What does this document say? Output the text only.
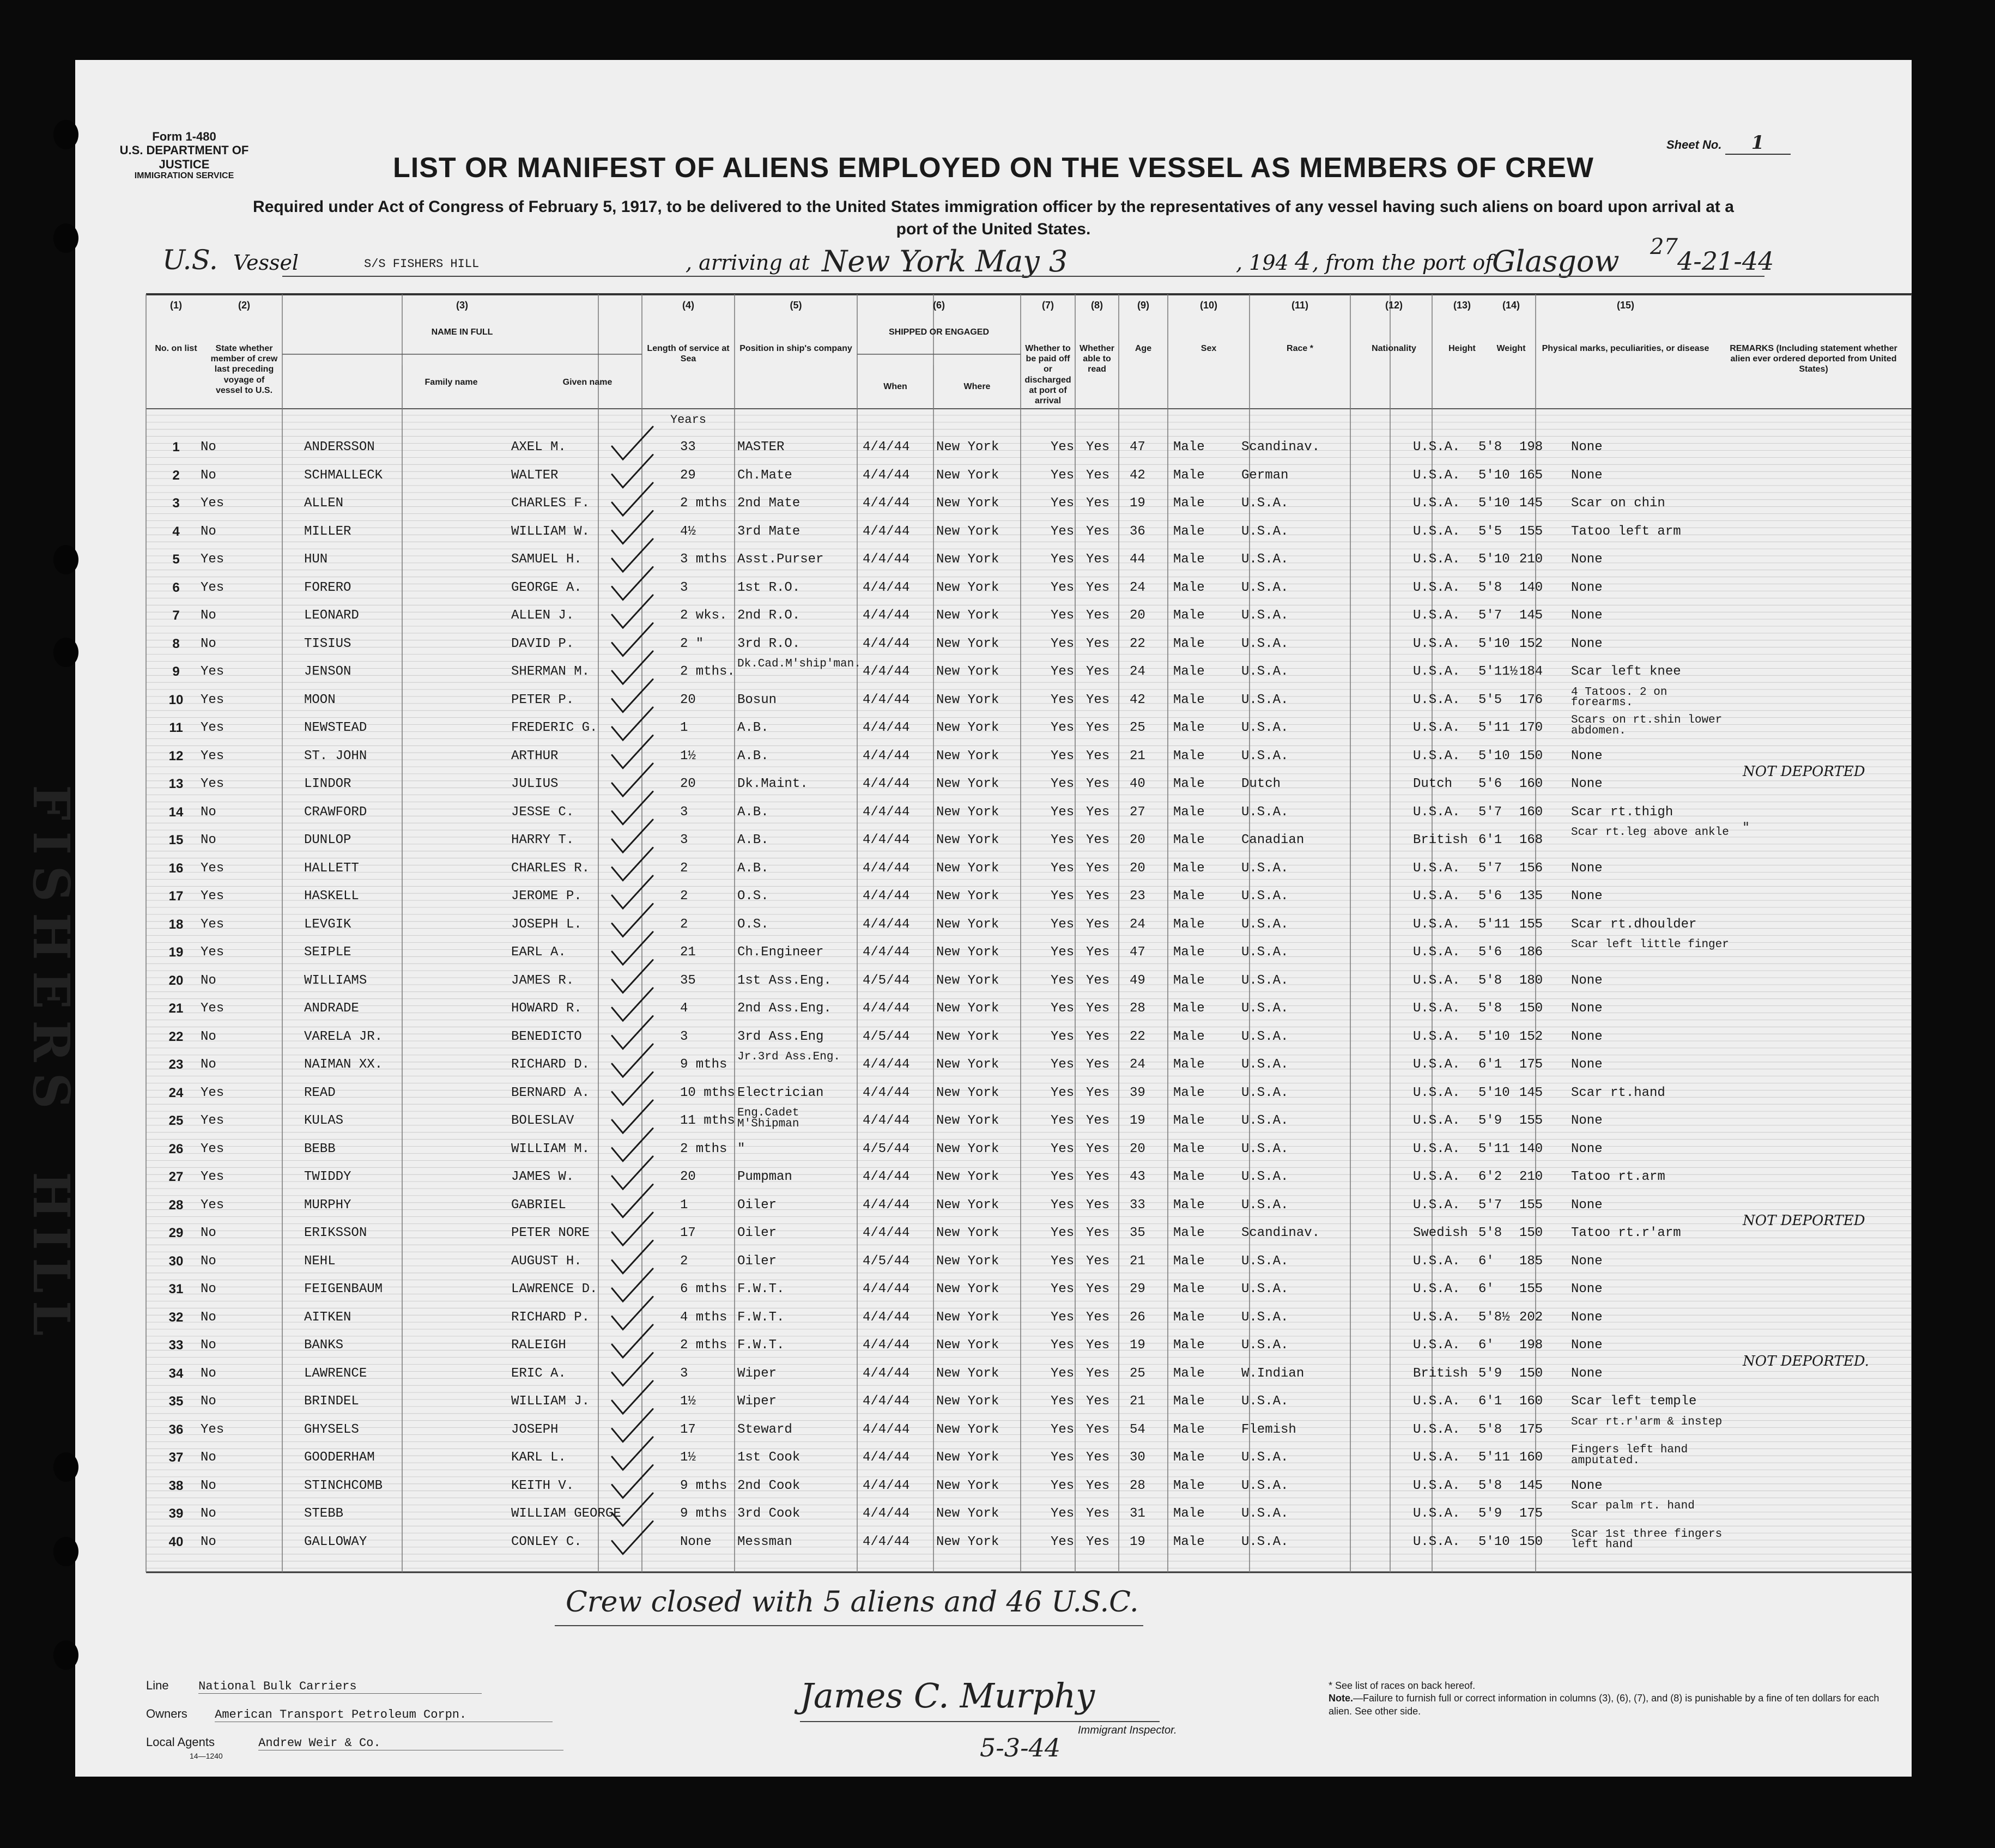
Form 1-480
U.S. DEPARTMENT OF JUSTICE
IMMIGRATION SERVICE
Sheet No. 1
LIST OR MANIFEST OF ALIENS EMPLOYED ON THE VESSEL AS MEMBERS OF CREW
Required under Act of Congress of February 5, 1917, to be delivered to the United States immigration officer by the representatives of any vessel having such aliens on board upon arrival at a
port of the United States.
27
U.S. Vessel	S/S FISHERS HILL	, arriving at New York May 3	, 194 4 , from the port of
Glasgow 4-21-44
(1)
No. on list
(2)
State whether member of crew last preceding voyage of vessel to U.S.
(3)
NAME IN FULL
(4)
Length of service at Sea
(5)
Position in ship's company
(6)
SHIPPED OR ENGAGED
(7)
Whether to be paid off or discharged at port of arrival
(8)
Whether able to read
(9)
Age
(10)
Sex
(11)
Race *
(12)
Nationality
(13)
Height
(14)
Weight
(15)
Physical marks, peculiarities, or disease	REMARKS (Including statement whether alien ever ordered deported from United States)
Family name	Given name	When	Where
Years
1	No	ANDERSSON	AXEL M.	33	MASTER	4/4/44 New York	Yes Yes 47 Male	Scandinav.	U.S.A. 5'8 198 None
2	No	SCHMALLECK	WALTER	29	Ch.Mate	4/4/44 New York	Yes Yes 42 Male	German	U.S.A. 5'10 165 None
3	Yes	ALLEN	CHARLES F.	2 mths 2nd Mate	4/4/44 New York	Yes Yes 19 Male	U.S.A.	U.S.A. 5'10 145 Scar on chin
4	No	MILLER	WILLIAM W.	4½	3rd Mate	4/4/44 New York	Yes Yes 36 Male	U.S.A.	U.S.A. 5'5 155 Tatoo left arm
5	Yes	HUN	SAMUEL H.	3 mths Asst.Purser	4/4/44 New York	Yes Yes 44 Male	U.S.A.	U.S.A. 5'10 210 None
6	Yes	FORERO	GEORGE A.	3	1st R.O.	4/4/44 New York	Yes Yes 24 Male	U.S.A.	U.S.A. 5'8 140 None
7	No	LEONARD	ALLEN J.	2 wks. 2nd R.O.	4/4/44 New York	Yes Yes 20 Male	U.S.A.	U.S.A. 5'7 145 None
8	No	TISIUS	DAVID P.	2 "	3rd R.O.	4/4/44 New York	Yes Yes 22 Male	U.S.A.	U.S.A. 5'10 152 None
9	Yes	JENSON	SHERMAN M.	2 mths.
Dk.Cad.M'ship'man.
4/4/44 New York	Yes Yes 24 Male	U.S.A.	U.S.A. 5'11½ 184 Scar left knee
10	Yes	MOON	PETER P.	20	Bosun	4/4/44 New York	Yes Yes 42 Male	U.S.A.	U.S.A. 5'5 176
4 Tatoos. 2 on forearms.
11	Yes	NEWSTEAD	FREDERIC G.	1	A.B.	4/4/44 New York	Yes Yes 25 Male	U.S.A.	U.S.A. 5'11 170
Scars on rt.shin lower abdomen.
12	Yes	ST. JOHN	ARTHUR	1½	A.B.	4/4/44 New York	Yes Yes 21 Male	U.S.A.	U.S.A. 5'10 150 None
13	Yes	LINDOR	JULIUS	20	Dk.Maint.	4/4/44 New York	Yes Yes 40 Male	Dutch	Dutch 5'6 160 None
NOT DEPORTED
14	No	CRAWFORD	JESSE C.	3	A.B.	4/4/44 New York	Yes Yes 27 Male	U.S.A.	U.S.A. 5'7 160 Scar rt.thigh
15	No	DUNLOP	HARRY T.	3	A.B.	4/4/44 New York	Yes Yes 20 Male	Canadian	British 6'1 168
Scar rt.leg above ankle "
16	Yes	HALLETT	CHARLES R.	2	A.B.	4/4/44 New York	Yes Yes 20 Male	U.S.A.	U.S.A. 5'7 156 None
17	Yes	HASKELL	JEROME P.	2	O.S.	4/4/44 New York	Yes Yes 23 Male	U.S.A.	U.S.A. 5'6 135 None
18	Yes	LEVGIK	JOSEPH L.	2	O.S.	4/4/44 New York	Yes Yes 24 Male	U.S.A.	U.S.A. 5'11 155 Scar rt.dhoulder
19	Yes	SEIPLE	EARL A.	21	Ch.Engineer	4/4/44 New York	Yes Yes 47 Male	U.S.A.	U.S.A. 5'6 186
Scar left little finger
20	No	WILLIAMS	JAMES R.	35	1st Ass.Eng. 4/5/44 New York	Yes Yes 49 Male	U.S.A.	U.S.A. 5'8 180 None
21	Yes	ANDRADE	HOWARD R.	4	2nd Ass.Eng. 4/4/44 New York	Yes Yes 28 Male	U.S.A.	U.S.A. 5'8 150 None
22	No	VARELA JR.	BENEDICTO	3	3rd Ass.Eng	4/5/44 New York	Yes Yes 22 Male	U.S.A.	U.S.A. 5'10 152 None
23	No	NAIMAN XX.	RICHARD D.	9 mths
Jr.3rd Ass.Eng.
4/4/44 New York	Yes Yes 24 Male	U.S.A.	U.S.A. 6'1 175 None
24	Yes	READ	BERNARD A.	10 mths Electrician	4/4/44 New York	Yes Yes 39 Male	U.S.A.	U.S.A. 5'10 145 Scar rt.hand
25	Yes	KULAS	BOLESLAV	11 mths
Eng.Cadet M'Shipman	4/4/44 New York	Yes Yes 19 Male	U.S.A.	U.S.A. 5'9 155 None
26	Yes	BEBB	WILLIAM M.	2 mths "	4/5/44 New York	Yes Yes 20 Male	U.S.A.	U.S.A. 5'11 140 None
27	Yes	TWIDDY	JAMES W.	20	Pumpman	4/4/44 New York	Yes Yes 43 Male	U.S.A.	U.S.A. 6'2 210 Tatoo rt.arm
28	Yes	MURPHY	GABRIEL	1	Oiler	4/4/44 New York	Yes Yes 33 Male	U.S.A.	U.S.A. 5'7 155 None
29	No	ERIKSSON	PETER NORE	17	Oiler	4/4/44 New York	Yes Yes 35 Male	Scandinav.	Swedish 5'8 150 Tatoo rt.r'arm
NOT DEPORTED
30	No	NEHL	AUGUST H.	2	Oiler	4/5/44 New York	Yes Yes 21 Male	U.S.A.	U.S.A. 6' 185 None
31	No	FEIGENBAUM	LAWRENCE D.	6 mths F.W.T.	4/4/44 New York	Yes Yes 29 Male	U.S.A.	U.S.A. 6' 155 None
32	No	AITKEN	RICHARD P.	4 mths F.W.T.	4/4/44 New York	Yes Yes 26 Male	U.S.A.	U.S.A. 5'8½ 202 None
33	No	BANKS	RALEIGH	2 mths F.W.T.	4/4/44 New York	Yes Yes 19 Male	U.S.A.	U.S.A. 6' 198 None
34	No	LAWRENCE	ERIC A.	3	Wiper	4/4/44 New York	Yes Yes 25 Male	W.Indian	British 5'9 150 None
NOT DEPORTED.
35	No	BRINDEL	WILLIAM J.	1½	Wiper	4/4/44 New York	Yes Yes 21 Male	U.S.A.	U.S.A. 6'1 160 Scar left temple
36	Yes	GHYSELS	JOSEPH	17	Steward	4/4/44 New York	Yes Yes 54 Male	Flemish	U.S.A. 5'8 175
Scar rt.r'arm & instep
37	No	GOODERHAM	KARL L.	1½	1st Cook	4/4/44 New York	Yes Yes 30 Male	U.S.A.	U.S.A. 5'11 160
Fingers left hand amputated.
38	No	STINCHCOMB	KEITH V.	9 mths 2nd Cook	4/4/44 New York	Yes Yes 28 Male	U.S.A.	U.S.A. 5'8 145 None
39	No	STEBB	WILLIAM GEORGE	9 mths 3rd Cook	4/4/44 New York	Yes Yes 31 Male	U.S.A.	U.S.A. 5'9 175
Scar palm rt. hand
40	No	GALLOWAY	CONLEY C.	None Messman	4/4/44 New York	Yes Yes 19 Male	U.S.A.	U.S.A. 5'10 150
Scar 1st three fingers left hand
FISHERS
HILL
Crew closed with 5 aliens and 46 U.S.C.
Line National Bulk Carriers
Owners American Transport Petroleum Corpn.
Local Agents	Andrew Weir & Co.
14—1240
James C. Murphy
Immigrant Inspector.
5-3-44
* See list of races on back hereof.
Note.—Failure to furnish full or correct information in columns (3), (6), (7), and (8) is punishable by a fine of ten dollars for each alien. See other side.
